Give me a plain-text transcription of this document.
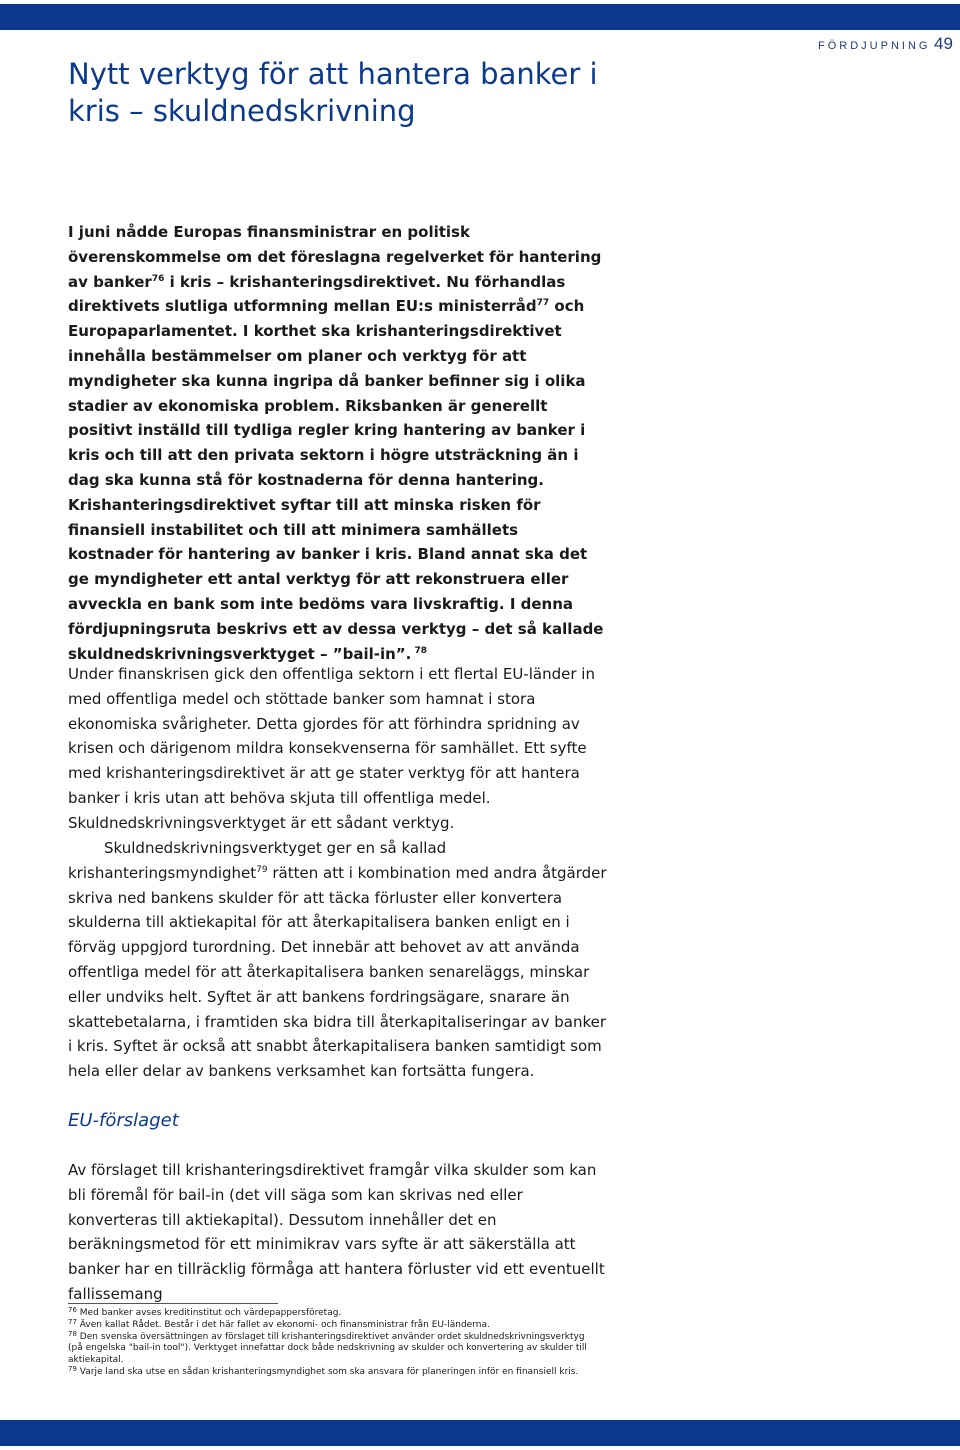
FÖRDJUPNING 49
Nytt verktyg för att hantera banker i kris – skuldnedskrivning

I juni nådde Europas finansministrar en politisk överenskommelse om det föreslagna regelverket för hantering av banker$^{76}$ i kris – krishanteringsdirektivet. Nu förhandlas direktivets slutliga utformning mellan EU:s ministerråd$^{77}$ och Europaparlamentet. I korthet ska krishanteringsdirektivet innehålla bestämmelser om planer och verktyg för att myndigheter ska kunna ingripa då banker befinner sig i olika stadier av ekonomiska problem. Riksbanken är generellt positivt inställd till tydliga regler kring hantering av banker i kris och till att den privata sektorn i högre utsträckning än i dag ska kunna stå för kostnaderna för denna hantering. Krishanteringsdirektivet syftar till att minska risken för finansiell instabilitet och till att minimera samhällets kostnader för hantering av banker i kris. Bland annat ska det ge myndigheter ett antal verktyg för att rekonstruera eller avveckla en bank som inte bedöms vara livskraftig. I denna fördjupningsruta beskrivs ett av dessa verktyg – det så kallade skuldnedskrivningsverktyget – ”bail-in”. $^{78}$

Under finanskrisen gick den offentliga sektorn i ett flertal EU-länder in med offentliga medel och stöttade banker som hamnat i stora ekonomiska svårigheter. Detta gjordes för att förhindra spridning av krisen och därigenom mildra konsekvenserna för samhället. Ett syfte med krishanteringsdirektivet är att ge stater verktyg för att hantera banker i kris utan att behöva skjuta till offentliga medel. Skuldnedskrivningsverktyget är ett sådant verktyg.

Skuldnedskrivningsverktyget ger en så kallad krishanteringsmyndighet$^{79}$ rätten att i kombination med andra åtgärder skriva ned bankens skulder för att täcka förluster eller konvertera skulderna till aktiekapital för att återkapitalisera banken enligt en i förväg uppgjord turordning. Det innebär att behovet av att använda offentliga medel för att återkapitalisera banken senareläggs, minskar eller undviks helt. Syftet är att bankens fordringsägare, snarare än skattebetalarna, i framtiden ska bidra till återkapitaliseringar av banker i kris. Syftet är också att snabbt återkapitalisera banken samtidigt som hela eller delar av bankens verksamhet kan fortsätta fungera.

EU-förslaget

Av förslaget till krishanteringsdirektivet framgår vilka skulder som kan bli föremål för bail-in (det vill säga som kan skrivas ned eller konverteras till aktiekapital). Dessutom innehåller det en beräkningsmetod för ett minimikrav vars syfte är att säkerställa att banker har en tillräcklig förmåga att hantera förluster vid ett eventuellt fallissemang

$^{76}$ Med banker avses kreditinstitut och värdepappersföretag.

$^{77}$ Även kallat Rådet. Består i det här fallet av ekonomi- och finansministrar från EU-länderna.

$^{78}$ Den svenska översättningen av förslaget till krishanteringsdirektivet använder ordet skuldnedskrivningsverktyg (på engelska "bail-in tool"). Verktyget innefattar dock både nedskrivning av skulder och konvertering av skulder till aktiekapital.

$^{79}$ Varje land ska utse en sådan krishanteringsmyndighet som ska ansvara för planeringen inför en finansiell kris.
